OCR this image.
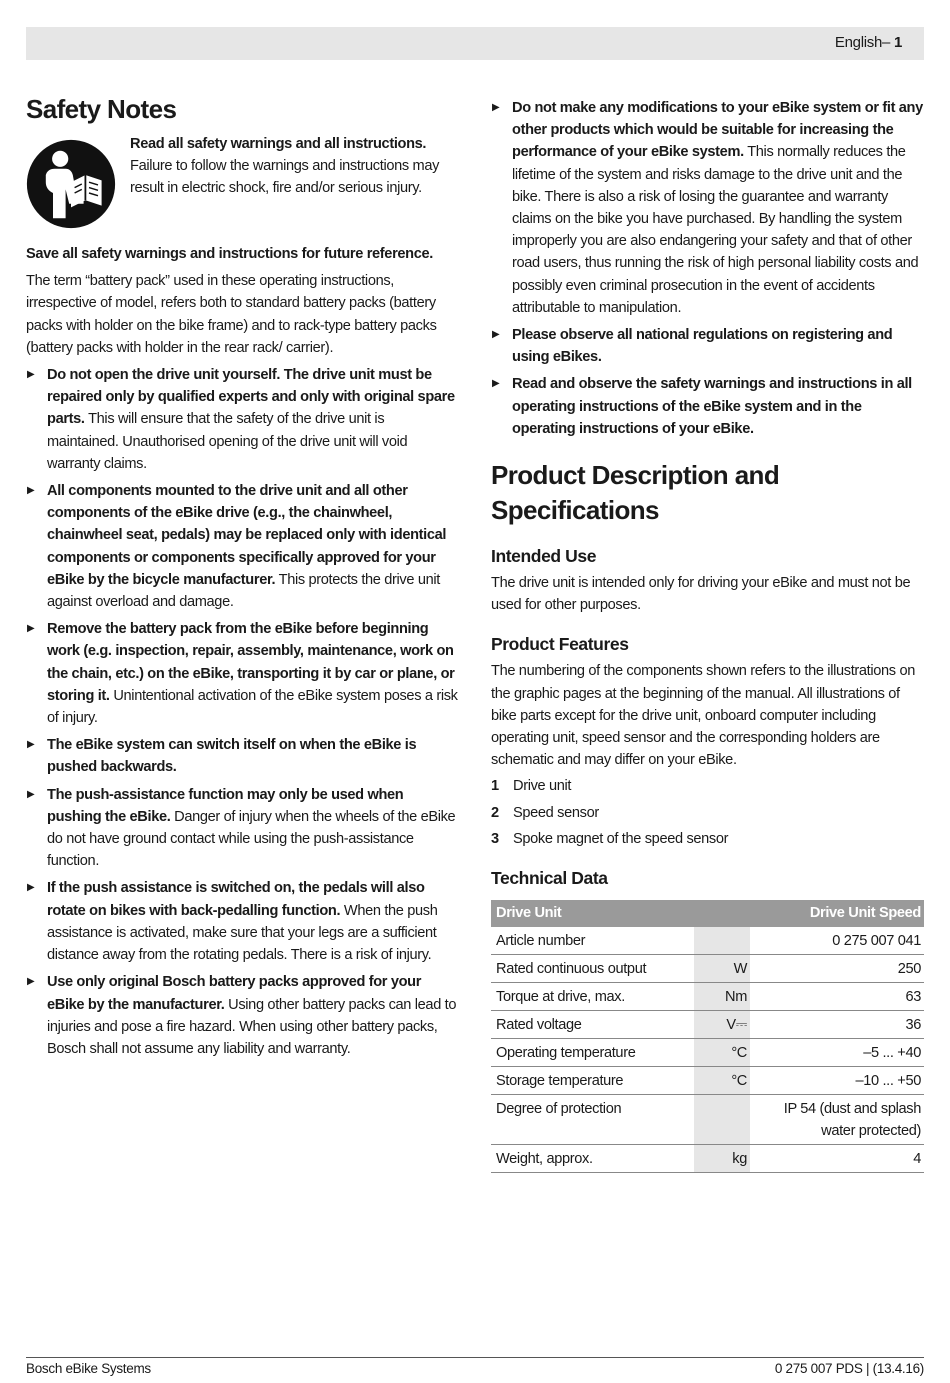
English– 1
Safety Notes

Read all safety warnings and all instructions. Failure to follow the warnings and instructions may result in electric shock, fire and/or serious injury.

Save all safety warnings and instructions for future reference.

The term “battery pack” used in these operating instructions, irrespective of model, refers both to standard battery packs (battery packs with holder on the bike frame) and to rack-type battery packs (battery packs with holder in the rear rack/ carrier).

▶ Do not open the drive unit yourself. The drive unit must be repaired only by qualified experts and only with original spare parts. This will ensure that the safety of the drive unit is maintained. Unauthorised opening of the drive unit will void warranty claims.
▶ All components mounted to the drive unit and all other components of the eBike drive (e.g., the chainwheel, chainwheel seat, pedals) may be replaced only with identical components or components specifically approved for your eBike by the bicycle manufacturer. This protects the drive unit against overload and damage.
▶ Remove the battery pack from the eBike before beginning work (e.g. inspection, repair, assembly, maintenance, work on the chain, etc.) on the eBike, transporting it by car or plane, or storing it. Unintentional activation of the eBike system poses a risk of injury.
▶ The eBike system can switch itself on when the eBike is pushed backwards.
▶ The push-assistance function may only be used when pushing the eBike. Danger of injury when the wheels of the eBike do not have ground contact while using the push-assistance function.
▶ If the push assistance is switched on, the pedals will also rotate on bikes with back-pedalling function. When the push assistance is activated, make sure that your legs are a sufficient distance away from the rotating pedals. There is a risk of injury.
▶ Use only original Bosch battery packs approved for your eBike by the manufacturer. Using other battery packs can lead to injuries and pose a fire hazard. When using other battery packs, Bosch shall not assume any liability and warranty.
▶ Do not make any modifications to your eBike system or fit any other products which would be suitable for increasing the performance of your eBike system. This normally reduces the lifetime of the system and risks damage to the drive unit and the bike. There is also a risk of losing the guarantee and warranty claims on the bike you have purchased. By handling the system improperly you are also endangering your safety and that of other road users, thus running the risk of high personal liability costs and possibly even criminal prosecution in the event of accidents attributable to manipulation.
▶ Please observe all national regulations on registering and using eBikes.
▶ Read and observe the safety warnings and instructions in all operating instructions of the eBike system and in the operating instructions of your eBike.
Product Description and Specifications
Intended Use

The drive unit is intended only for driving your eBike and must not be used for other purposes.

Product Features

The numbering of the components shown refers to the illustrations on the graphic pages at the beginning of the manual. All illustrations of bike parts except for the drive unit, onboard computer including operating unit, speed sensor and the corresponding holders are schematic and may differ on your eBike.

1 Drive unit
2 Speed sensor
3 Spoke magnet of the speed sensor
Technical Data
Drive Unit		Drive Unit Speed
Article number		0 275 007 041
Rated continuous output	W	250
Torque at drive, max.	Nm	63
Rated voltage	V⎓	36
Operating temperature	°C	–5 ... +40
Storage temperature	°C	–10 ... +50
Degree of protection		IP 54 (dust and splash water protected)
Weight, approx.	kg	4
Bosch eBike Systems	0 275 007 PDS | (13.4.16)
